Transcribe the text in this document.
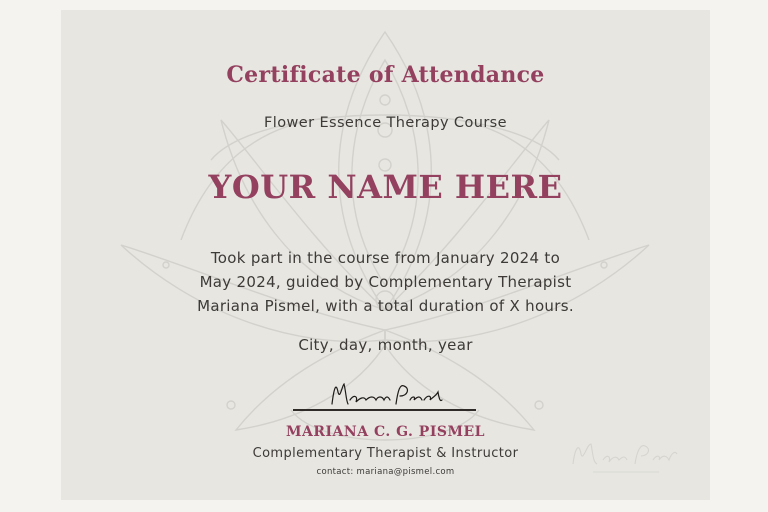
Certificate of Attendance

Flower Essence Therapy Course

YOUR NAME HERE

Took part in the course from January 2024 to
May 2024, guided by Complementary Therapist
Mariana Pismel, with a total duration of X hours.

City, day, month, year

MARIANA C. G. PISMEL

Complementary Therapist & Instructor

contact: mariana@pismel.com
